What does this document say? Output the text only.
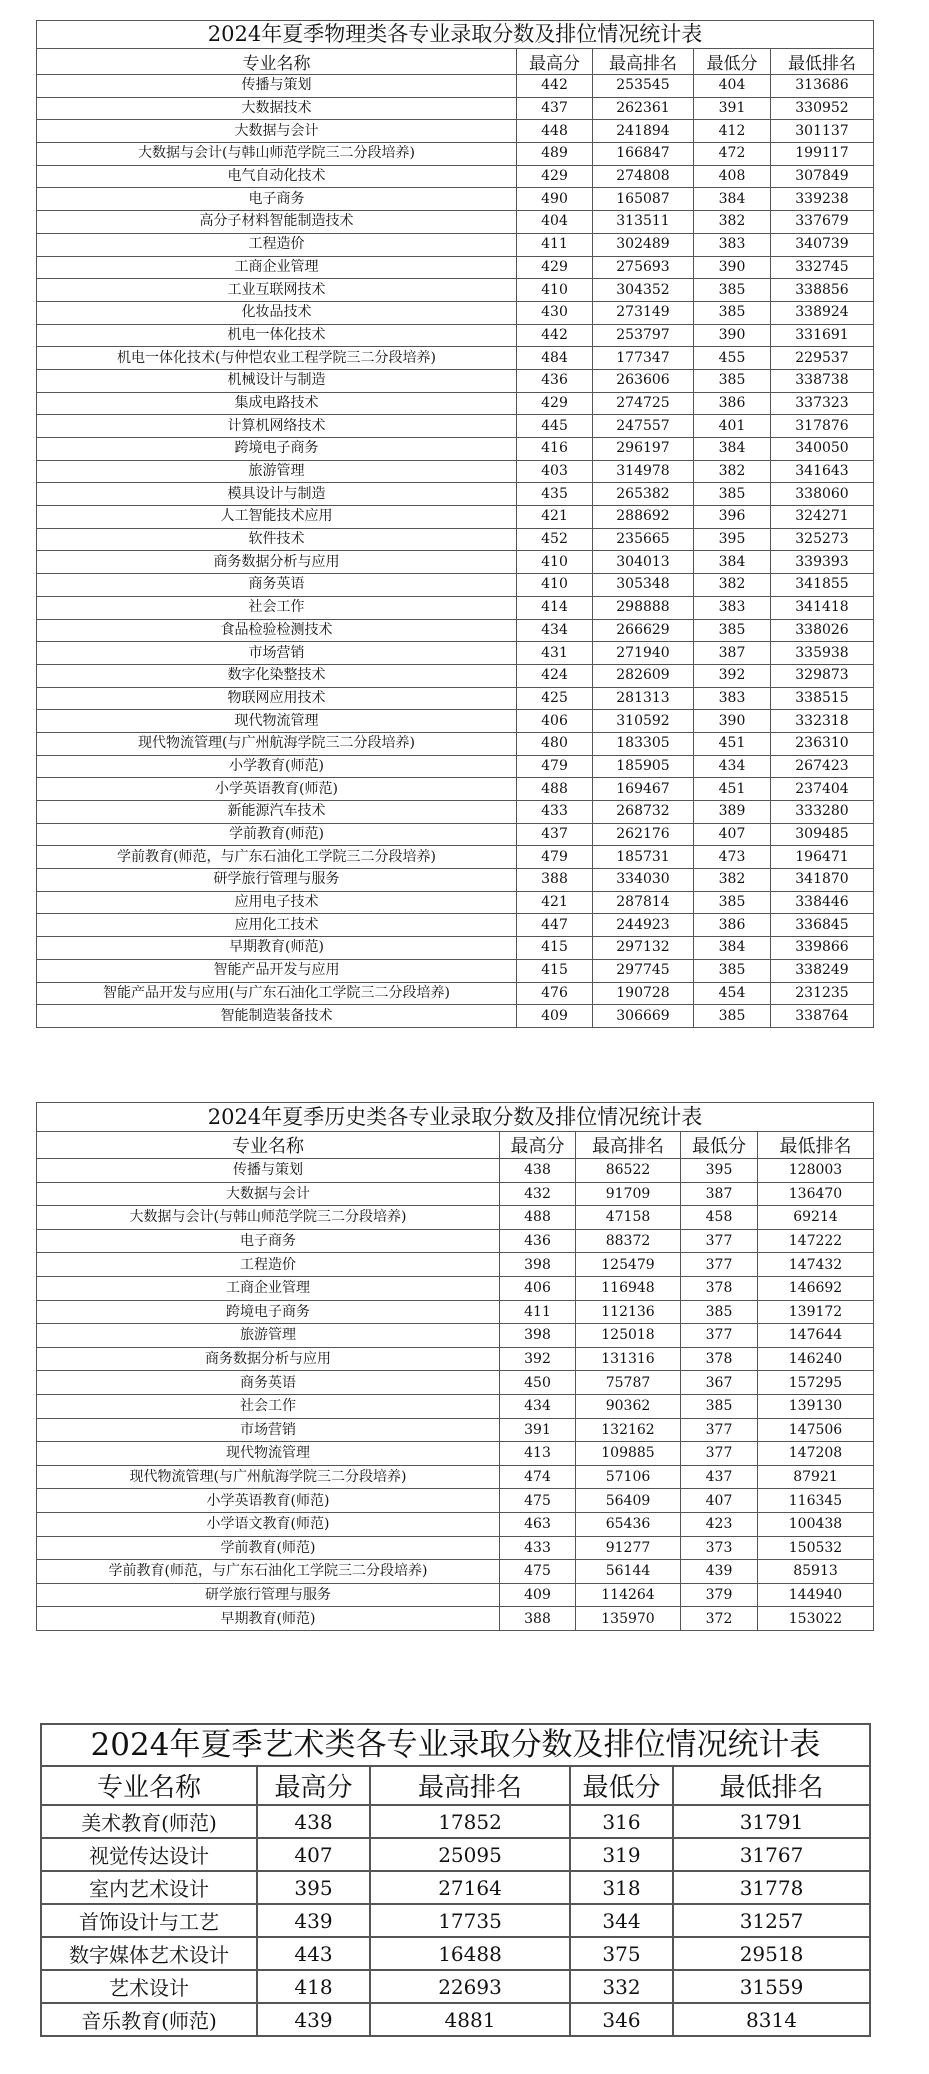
2024年夏季物理类各专业录取分数及排位情况统计表
专业名称	最高分	最高排名	最低分	最低排名
传播与策划	442	253545	404	313686
大数据技术	437	262361	391	330952
大数据与会计	448	241894	412	301137
大数据与会计(与韩山师范学院三二分段培养)	489	166847	472	199117
电气自动化技术	429	274808	408	307849
电子商务	490	165087	384	339238
高分子材料智能制造技术	404	313511	382	337679
工程造价	411	302489	383	340739
工商企业管理	429	275693	390	332745
工业互联网技术	410	304352	385	338856
化妆品技术	430	273149	385	338924
机电一体化技术	442	253797	390	331691
机电一体化技术(与仲恺农业工程学院三二分段培养)	484	177347	455	229537
机械设计与制造	436	263606	385	338738
集成电路技术	429	274725	386	337323
计算机网络技术	445	247557	401	317876
跨境电子商务	416	296197	384	340050
旅游管理	403	314978	382	341643
模具设计与制造	435	265382	385	338060
人工智能技术应用	421	288692	396	324271
软件技术	452	235665	395	325273
商务数据分析与应用	410	304013	384	339393
商务英语	410	305348	382	341855
社会工作	414	298888	383	341418
食品检验检测技术	434	266629	385	338026
市场营销	431	271940	387	335938
数字化染整技术	424	282609	392	329873
物联网应用技术	425	281313	383	338515
现代物流管理	406	310592	390	332318
现代物流管理(与广州航海学院三二分段培养)	480	183305	451	236310
小学教育(师范)	479	185905	434	267423
小学英语教育(师范)	488	169467	451	237404
新能源汽车技术	433	268732	389	333280
学前教育(师范)	437	262176	407	309485
学前教育(师范，与广东石油化工学院三二分段培养)	479	185731	473	196471
研学旅行管理与服务	388	334030	382	341870
应用电子技术	421	287814	385	338446
应用化工技术	447	244923	386	336845
早期教育(师范)	415	297132	384	339866
智能产品开发与应用	415	297745	385	338249
智能产品开发与应用(与广东石油化工学院三二分段培养)	476	190728	454	231235
智能制造装备技术	409	306669	385	338764
2024年夏季历史类各专业录取分数及排位情况统计表
专业名称	最高分	最高排名	最低分	最低排名
传播与策划	438	86522	395	128003
大数据与会计	432	91709	387	136470
大数据与会计(与韩山师范学院三二分段培养)	488	47158	458	69214
电子商务	436	88372	377	147222
工程造价	398	125479	377	147432
工商企业管理	406	116948	378	146692
跨境电子商务	411	112136	385	139172
旅游管理	398	125018	377	147644
商务数据分析与应用	392	131316	378	146240
商务英语	450	75787	367	157295
社会工作	434	90362	385	139130
市场营销	391	132162	377	147506
现代物流管理	413	109885	377	147208
现代物流管理(与广州航海学院三二分段培养)	474	57106	437	87921
小学英语教育(师范)	475	56409	407	116345
小学语文教育(师范)	463	65436	423	100438
学前教育(师范)	433	91277	373	150532
学前教育(师范，与广东石油化工学院三二分段培养)	475	56144	439	85913
研学旅行管理与服务	409	114264	379	144940
早期教育(师范)	388	135970	372	153022
2024年夏季艺术类各专业录取分数及排位情况统计表
专业名称	最高分	最高排名	最低分	最低排名
美术教育(师范)	438	17852	316	31791
视觉传达设计	407	25095	319	31767
室内艺术设计	395	27164	318	31778
首饰设计与工艺	439	17735	344	31257
数字媒体艺术设计	443	16488	375	29518
艺术设计	418	22693	332	31559
音乐教育(师范)	439	4881	346	8314
